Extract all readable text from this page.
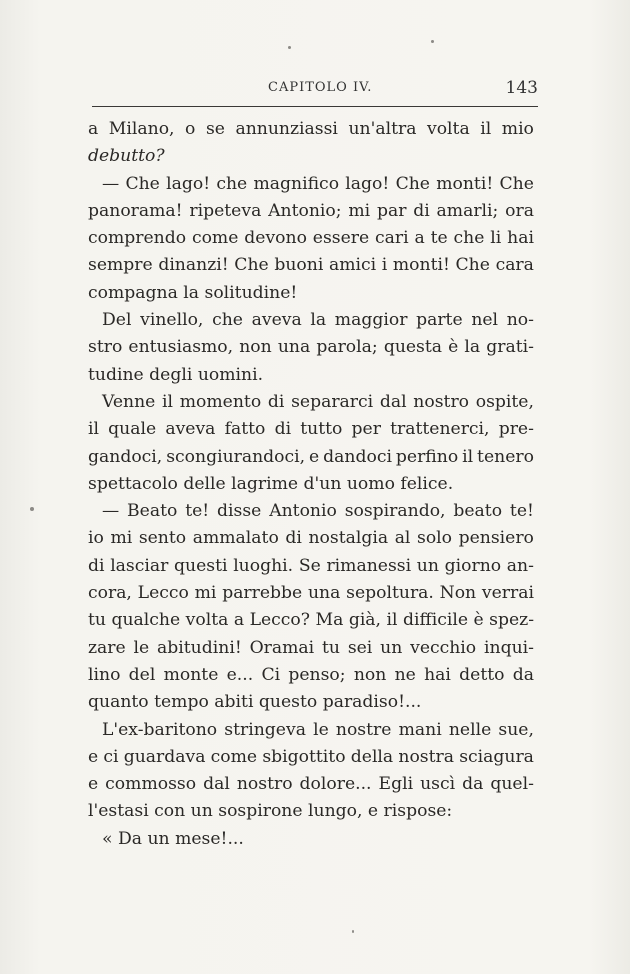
CAPITOLO IV.	143
a Milano, o se annunziassi un'altra volta il mio
debutto?
— Che lago! che magnifico lago! Che monti! Che
panorama! ripeteva Antonio; mi par di amarli; ora
comprendo come devono essere cari a te che li hai
sempre dinanzi! Che buoni amici i monti! Che cara
compagna la solitudine!
Del vinello, che aveva la maggior parte nel no-
stro entusiasmo, non una parola; questa è la grati-
tudine degli uomini.
Venne il momento di separarci dal nostro ospite,
il quale aveva fatto di tutto per trattenerci, pre-
gandoci, scongiurandoci, e dandoci perfino il tenero
spettacolo delle lagrime d'un uomo felice.
— Beato te! disse Antonio sospirando, beato te!
io mi sento ammalato di nostalgia al solo pensiero
di lasciar questi luoghi. Se rimanessi un giorno an-
cora, Lecco mi parrebbe una sepoltura. Non verrai
tu qualche volta a Lecco? Ma già, il difficile è spez-
zare le abitudini! Oramai tu sei un vecchio inqui-
lino del monte e... Ci penso; non ne hai detto da
quanto tempo abiti questo paradiso!...
L'ex-baritono stringeva le nostre mani nelle sue,
e ci guardava come sbigottito della nostra sciagura
e commosso dal nostro dolore... Egli uscì da quel-
l'estasi con un sospirone lungo, e rispose:
« Da un mese!...
